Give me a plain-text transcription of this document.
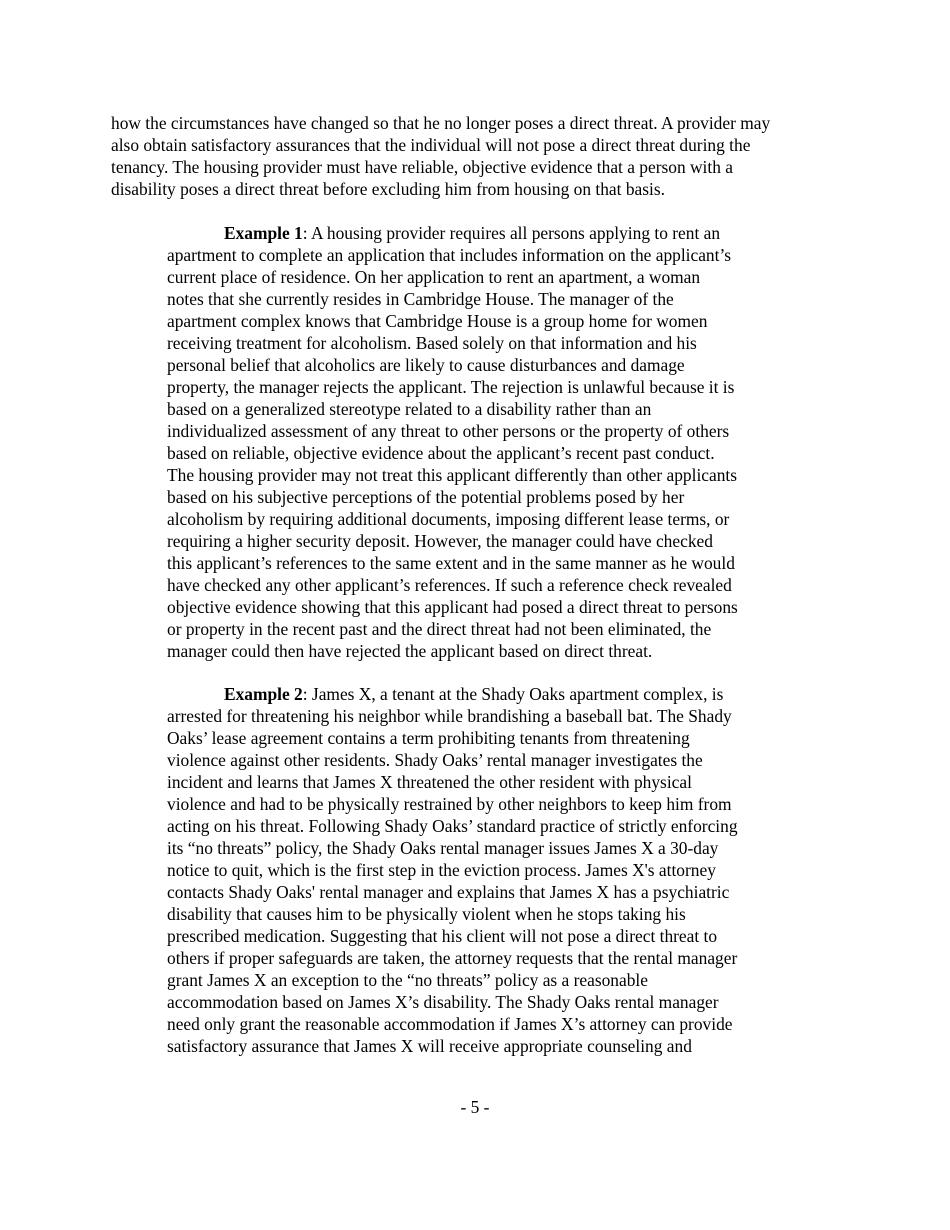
how the circumstances have changed so that he no longer poses a direct threat. A provider may
also obtain satisfactory assurances that the individual will not pose a direct threat during the
tenancy. The housing provider must have reliable, objective evidence that a person with a
disability poses a direct threat before excluding him from housing on that basis.

Example 1: A housing provider requires all persons applying to rent an
apartment to complete an application that includes information on the applicant’s
current place of residence. On her application to rent an apartment, a woman
notes that she currently resides in Cambridge House. The manager of the
apartment complex knows that Cambridge House is a group home for women
receiving treatment for alcoholism. Based solely on that information and his
personal belief that alcoholics are likely to cause disturbances and damage
property, the manager rejects the applicant. The rejection is unlawful because it is
based on a generalized stereotype related to a disability rather than an
individualized assessment of any threat to other persons or the property of others
based on reliable, objective evidence about the applicant’s recent past conduct.
The housing provider may not treat this applicant differently than other applicants
based on his subjective perceptions of the potential problems posed by her
alcoholism by requiring additional documents, imposing different lease terms, or
requiring a higher security deposit. However, the manager could have checked
this applicant’s references to the same extent and in the same manner as he would
have checked any other applicant’s references. If such a reference check revealed
objective evidence showing that this applicant had posed a direct threat to persons
or property in the recent past and the direct threat had not been eliminated, the
manager could then have rejected the applicant based on direct threat.

Example 2: James X, a tenant at the Shady Oaks apartment complex, is
arrested for threatening his neighbor while brandishing a baseball bat. The Shady
Oaks’ lease agreement contains a term prohibiting tenants from threatening
violence against other residents. Shady Oaks’ rental manager investigates the
incident and learns that James X threatened the other resident with physical
violence and had to be physically restrained by other neighbors to keep him from
acting on his threat. Following Shady Oaks’ standard practice of strictly enforcing
its “no threats” policy, the Shady Oaks rental manager issues James X a 30-day
notice to quit, which is the first step in the eviction process. James X's attorney
contacts Shady Oaks' rental manager and explains that James X has a psychiatric
disability that causes him to be physically violent when he stops taking his
prescribed medication. Suggesting that his client will not pose a direct threat to
others if proper safeguards are taken, the attorney requests that the rental manager
grant James X an exception to the “no threats” policy as a reasonable
accommodation based on James X’s disability. The Shady Oaks rental manager
need only grant the reasonable accommodation if James X’s attorney can provide
satisfactory assurance that James X will receive appropriate counseling and

- 5 -
